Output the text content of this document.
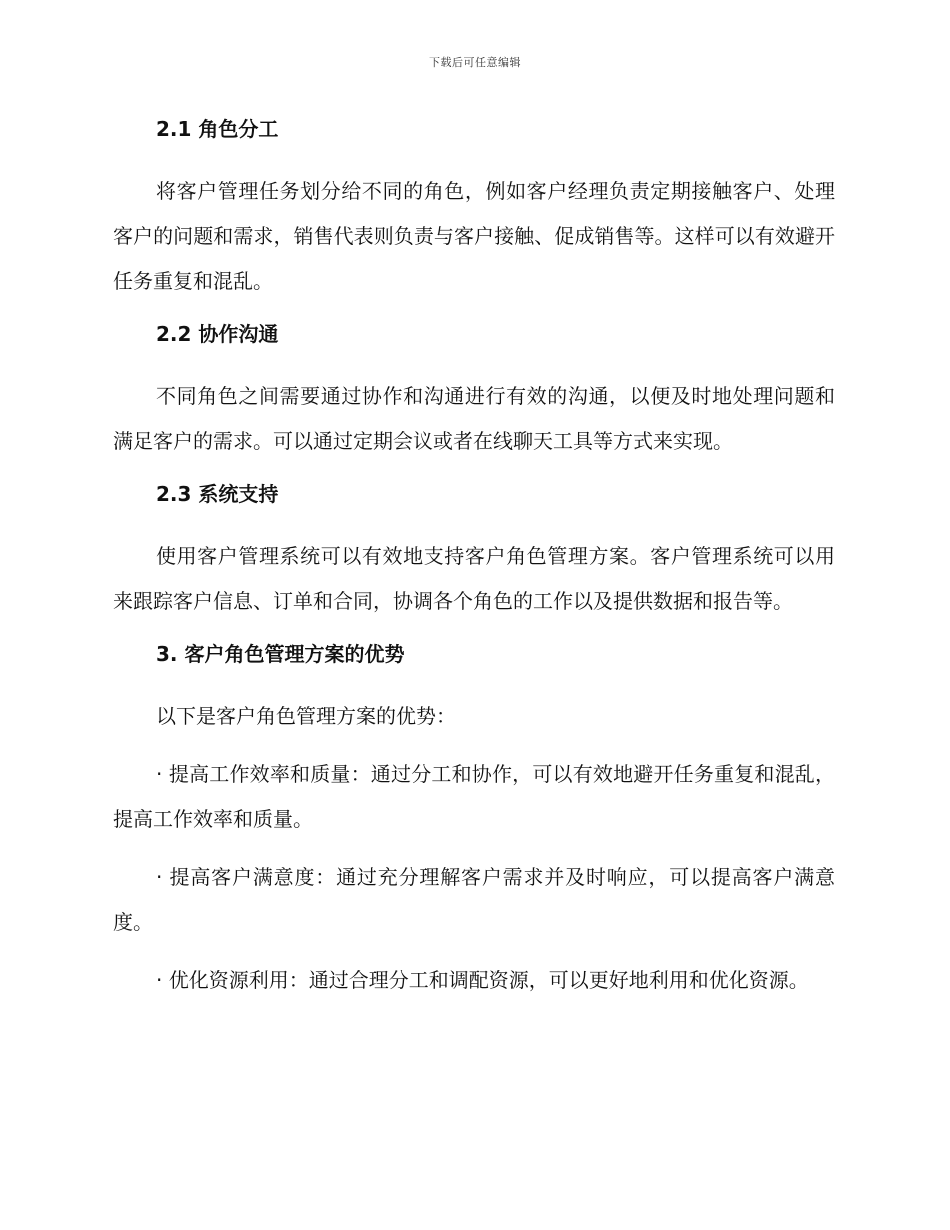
下载后可任意编辑
2.1 角色分工

将客户管理任务划分给不同的角色，例如客户经理负责定期接触客户、处理客户的问题和需求，销售代表则负责与客户接触、促成销售等。这样可以有效避开任务重复和混乱。

2.2 协作沟通

不同角色之间需要通过协作和沟通进行有效的沟通，以便及时地处理问题和满足客户的需求。可以通过定期会议或者在线聊天工具等方式来实现。

2.3 系统支持

使用客户管理系统可以有效地支持客户角色管理方案。客户管理系统可以用来跟踪客户信息、订单和合同，协调各个角色的工作以及提供数据和报告等。

3. 客户角色管理方案的优势

以下是客户角色管理方案的优势：

· 提高工作效率和质量：通过分工和协作，可以有效地避开任务重复和混乱，提高工作效率和质量。

· 提高客户满意度：通过充分理解客户需求并及时响应，可以提高客户满意度。

· 优化资源利用：通过合理分工和调配资源，可以更好地利用和优化资源。
